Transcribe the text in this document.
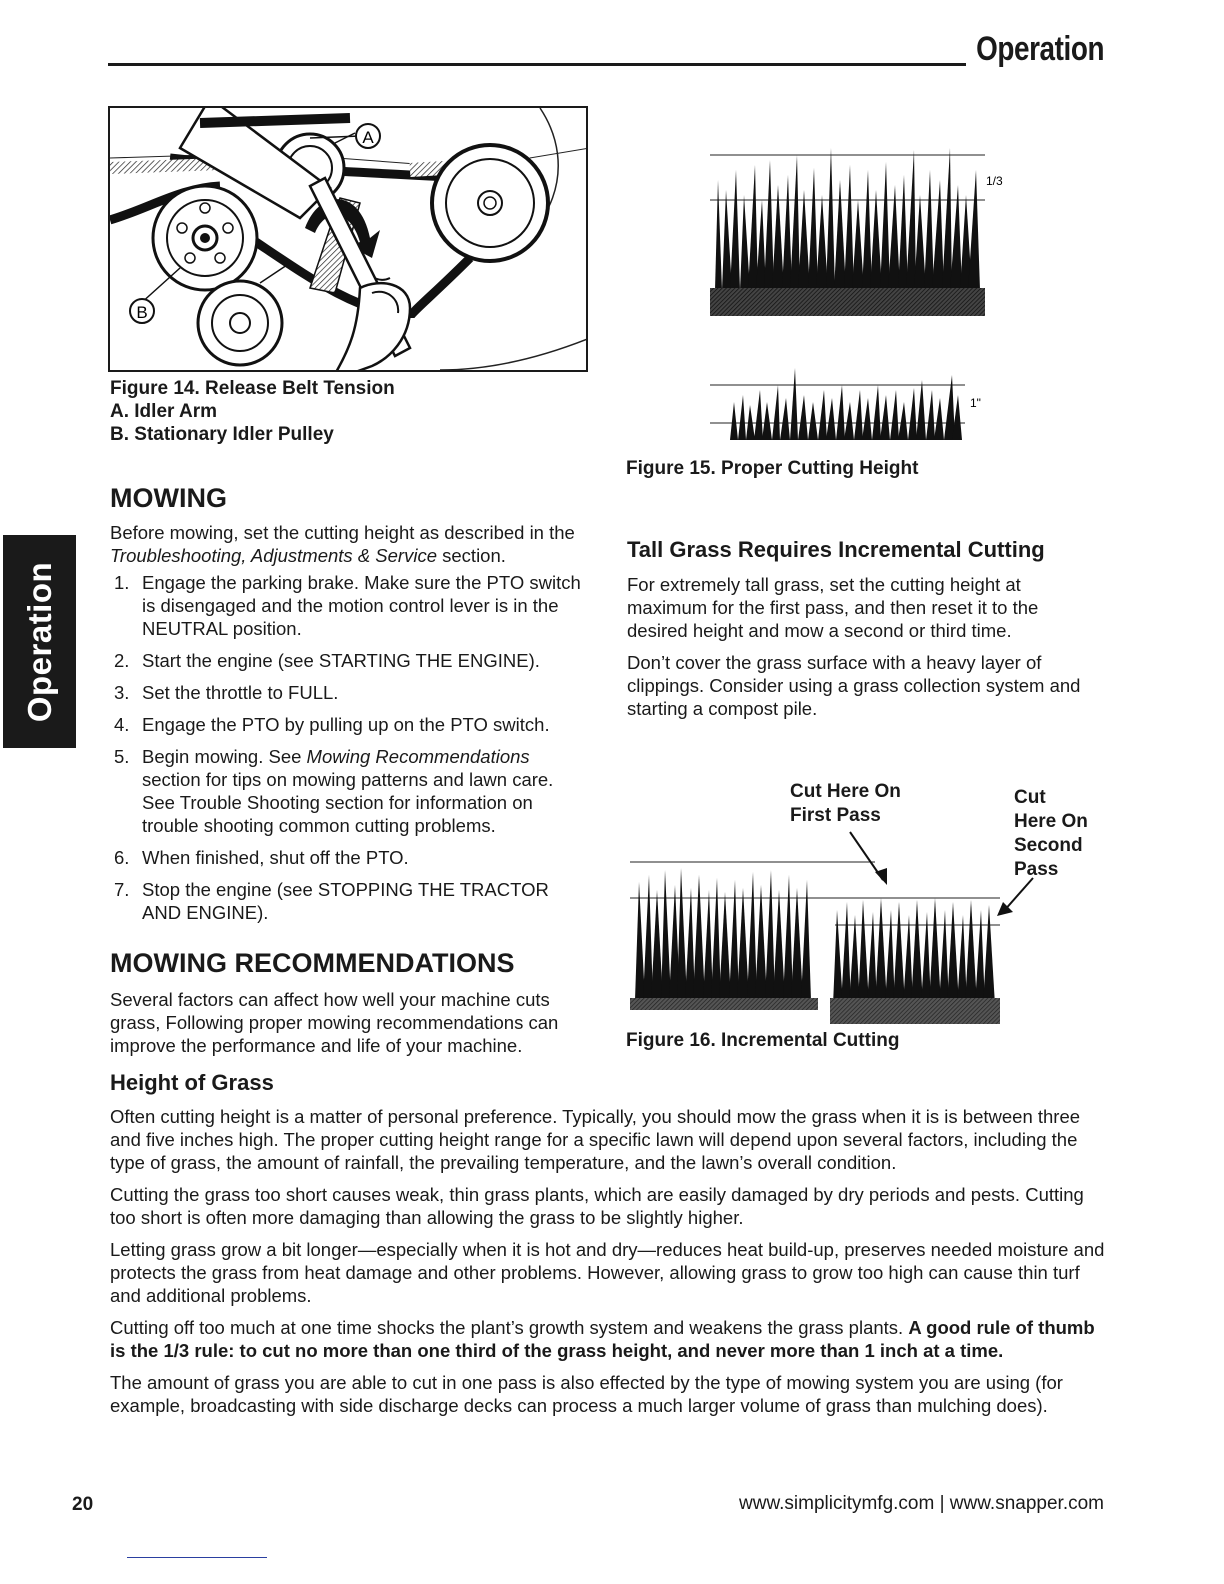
Operation
Operation
A
B
Figure 14. Release Belt Tension
A. Idler Arm
B. Stationary Idler Pulley
MOWING
Before mowing, set the cutting height as described in the Troubleshooting, Adjustments & Service section.
1. Engage the parking brake. Make sure the PTO switch is disengaged and the motion control lever is in the NEUTRAL position.
2. Start the engine (see STARTING THE ENGINE).
3. Set the throttle to FULL.
4. Engage the PTO by pulling up on the PTO switch.
5. Begin mowing. See Mowing Recommendations section for tips on mowing patterns and lawn care. See Trouble Shooting section for information on trouble shooting common cutting problems.
6. When finished, shut off the PTO.
7. Stop the engine (see STOPPING THE TRACTOR AND ENGINE).
MOWING RECOMMENDATIONS
Several factors can affect how well your machine cuts grass, Following proper mowing recommendations can improve the performance and life of your machine.
1/3
1"
Figure 15. Proper Cutting Height
Tall Grass Requires Incremental Cutting

For extremely tall grass, set the cutting height at maximum for the first pass, and then reset it to the desired height and mow a second or third time.

Don’t cover the grass surface with a heavy layer of clippings. Consider using a grass collection system and starting a compost pile.

Cut Here On
First Pass
Cut
Here On
Second
Pass
Figure 16. Incremental Cutting
Height of Grass

Often cutting height is a matter of personal preference. Typically, you should mow the grass when it is is between three and five inches high. The proper cutting height range for a specific lawn will depend upon several factors, including the type of grass, the amount of rainfall, the prevailing temperature, and the lawn’s overall condition.

Cutting the grass too short causes weak, thin grass plants, which are easily damaged by dry periods and pests. Cutting too short is often more damaging than allowing the grass to be slightly higher.

Letting grass grow a bit longer—especially when it is hot and dry—reduces heat build-up, preserves needed moisture and protects the grass from heat damage and other problems. However, allowing grass to grow too high can cause thin turf and additional problems.

Cutting off too much at one time shocks the plant’s growth system and weakens the grass plants. A good rule of thumb is the 1/3 rule: to cut no more than one third of the grass height, and never more than 1 inch at a time.

The amount of grass you are able to cut in one pass is also effected by the type of mowing system you are using (for example, broadcasting with side discharge decks can process a much larger volume of grass than mulching does).

20	www.simplicitymfg.com | www.snapper.com
